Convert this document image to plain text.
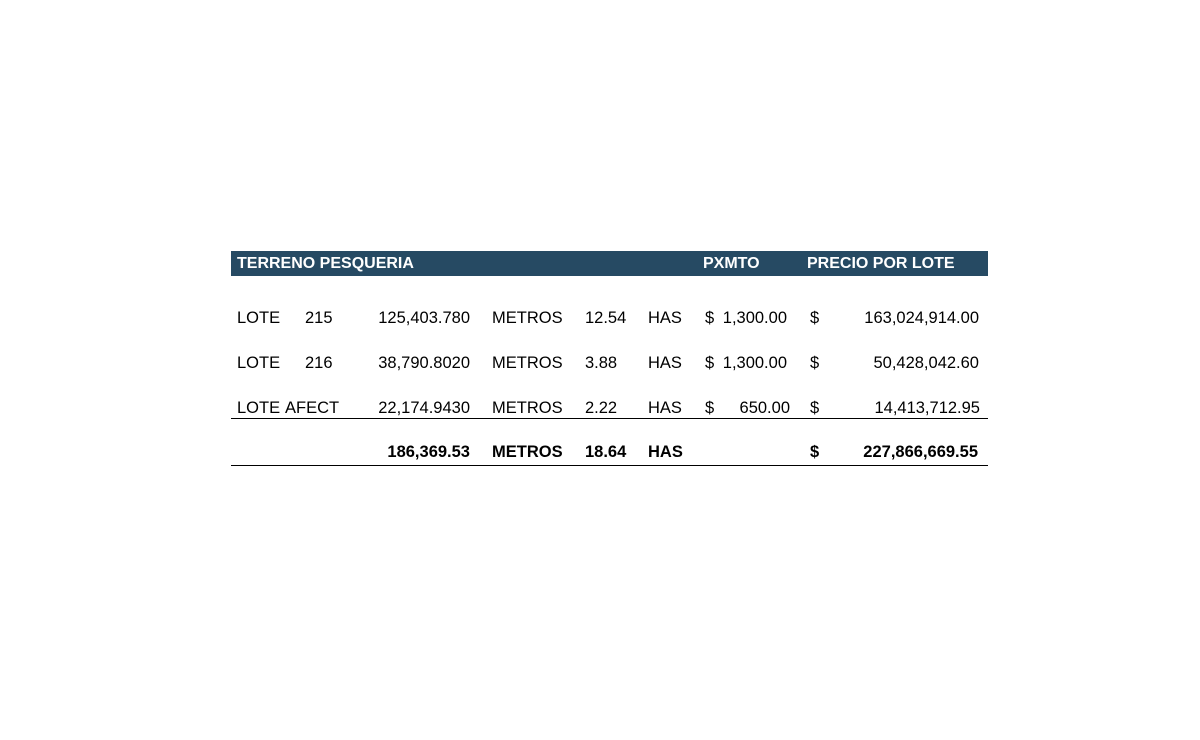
TERRENO PESQUERIA	PXMTO	PRECIO POR LOTE
LOTE 215	125,403.780 METROS 12.54 HAS $ 1,300.00 $	163,024,914.00
LOTE 216	38,790.8020 METROS 3.88 HAS $ 1,300.00 $	50,428,042.60
LOTE AFECT	22,174.9430 METROS 2.22 HAS $	650.00 $	14,413,712.95
186,369.53 METROS 18.64 HAS	$	227,866,669.55
